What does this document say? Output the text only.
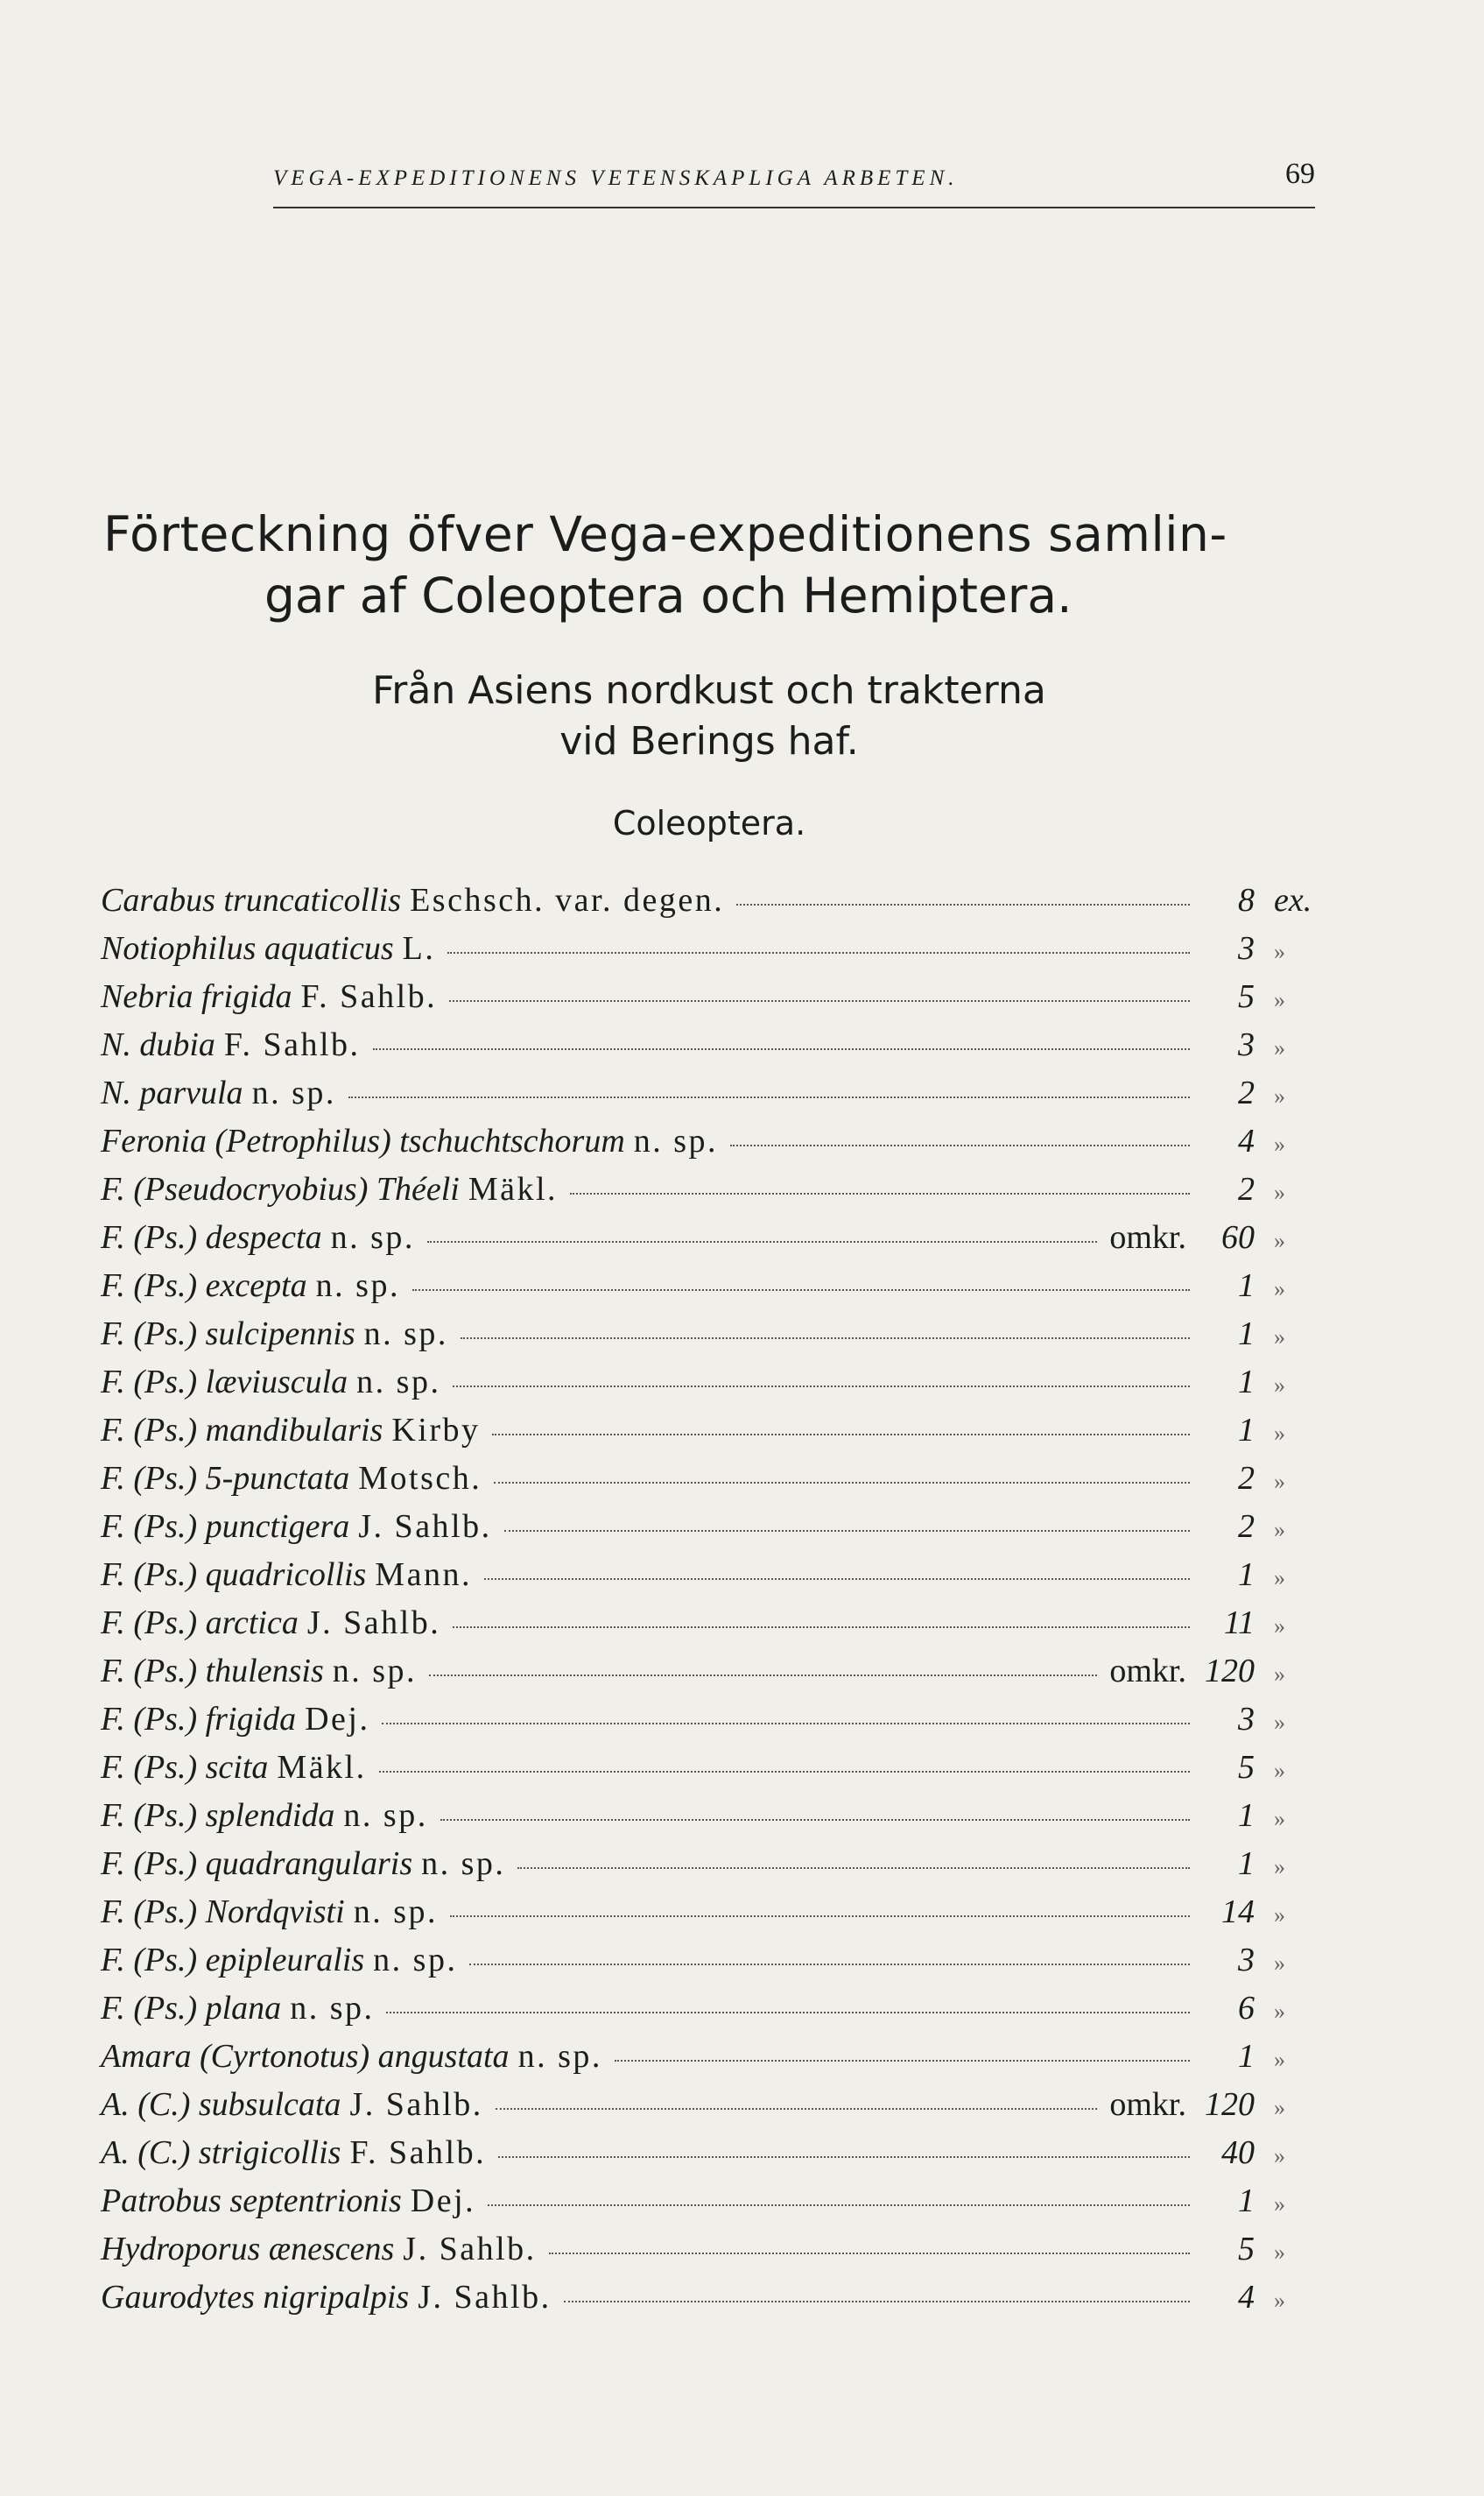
VEGA-EXPEDITIONENS VETENSKAPLIGA ARBETEN.	69
Förteckning öfver Vega-expeditionens samlin-
gar af Coleoptera och Hemiptera.
Från Asiens nordkust och trakterna
vid Berings haf.
Coleoptera.
Carabus truncaticollis Eschsch. var. degen.	8 ex.
Notiophilus aquaticus L.	3 »
Nebria frigida F. Sahlb.	5 »
N. dubia F. Sahlb.	3 »
N. parvula n. sp.	2 »
Feronia (Petrophilus) tschuchtschorum n. sp.	4 »
F. (Pseudocryobius) Théeli Mäkl.	2 »
F. (Ps.) despecta n. sp.	omkr.	60 »
F. (Ps.) excepta n. sp.	1 »
F. (Ps.) sulcipennis n. sp.	1 »
F. (Ps.) læviuscula n. sp.	1 »
F. (Ps.) mandibularis Kirby	1 »
F. (Ps.) 5-punctata Motsch.	2 »
F. (Ps.) punctigera J. Sahlb.	2 »
F. (Ps.) quadricollis Mann.	1 »
F. (Ps.) arctica J. Sahlb.	11 »
F. (Ps.) thulensis n. sp.	omkr. 120 »
F. (Ps.) frigida Dej.	3 »
F. (Ps.) scita Mäkl.	5 »
F. (Ps.) splendida n. sp.	1 »
F. (Ps.) quadrangularis n. sp.	1 »
F. (Ps.) Nordqvisti n. sp.	14 »
F. (Ps.) epipleuralis n. sp.	3 »
F. (Ps.) plana n. sp.	6 »
Amara (Cyrtonotus) angustata n. sp.	1 »
A. (C.) subsulcata J. Sahlb.	omkr. 120 »
A. (C.) strigicollis F. Sahlb.	40 »
Patrobus septentrionis Dej.	1 »
Hydroporus ænescens J. Sahlb.	5 »
Gaurodytes nigripalpis J. Sahlb.	4 »
